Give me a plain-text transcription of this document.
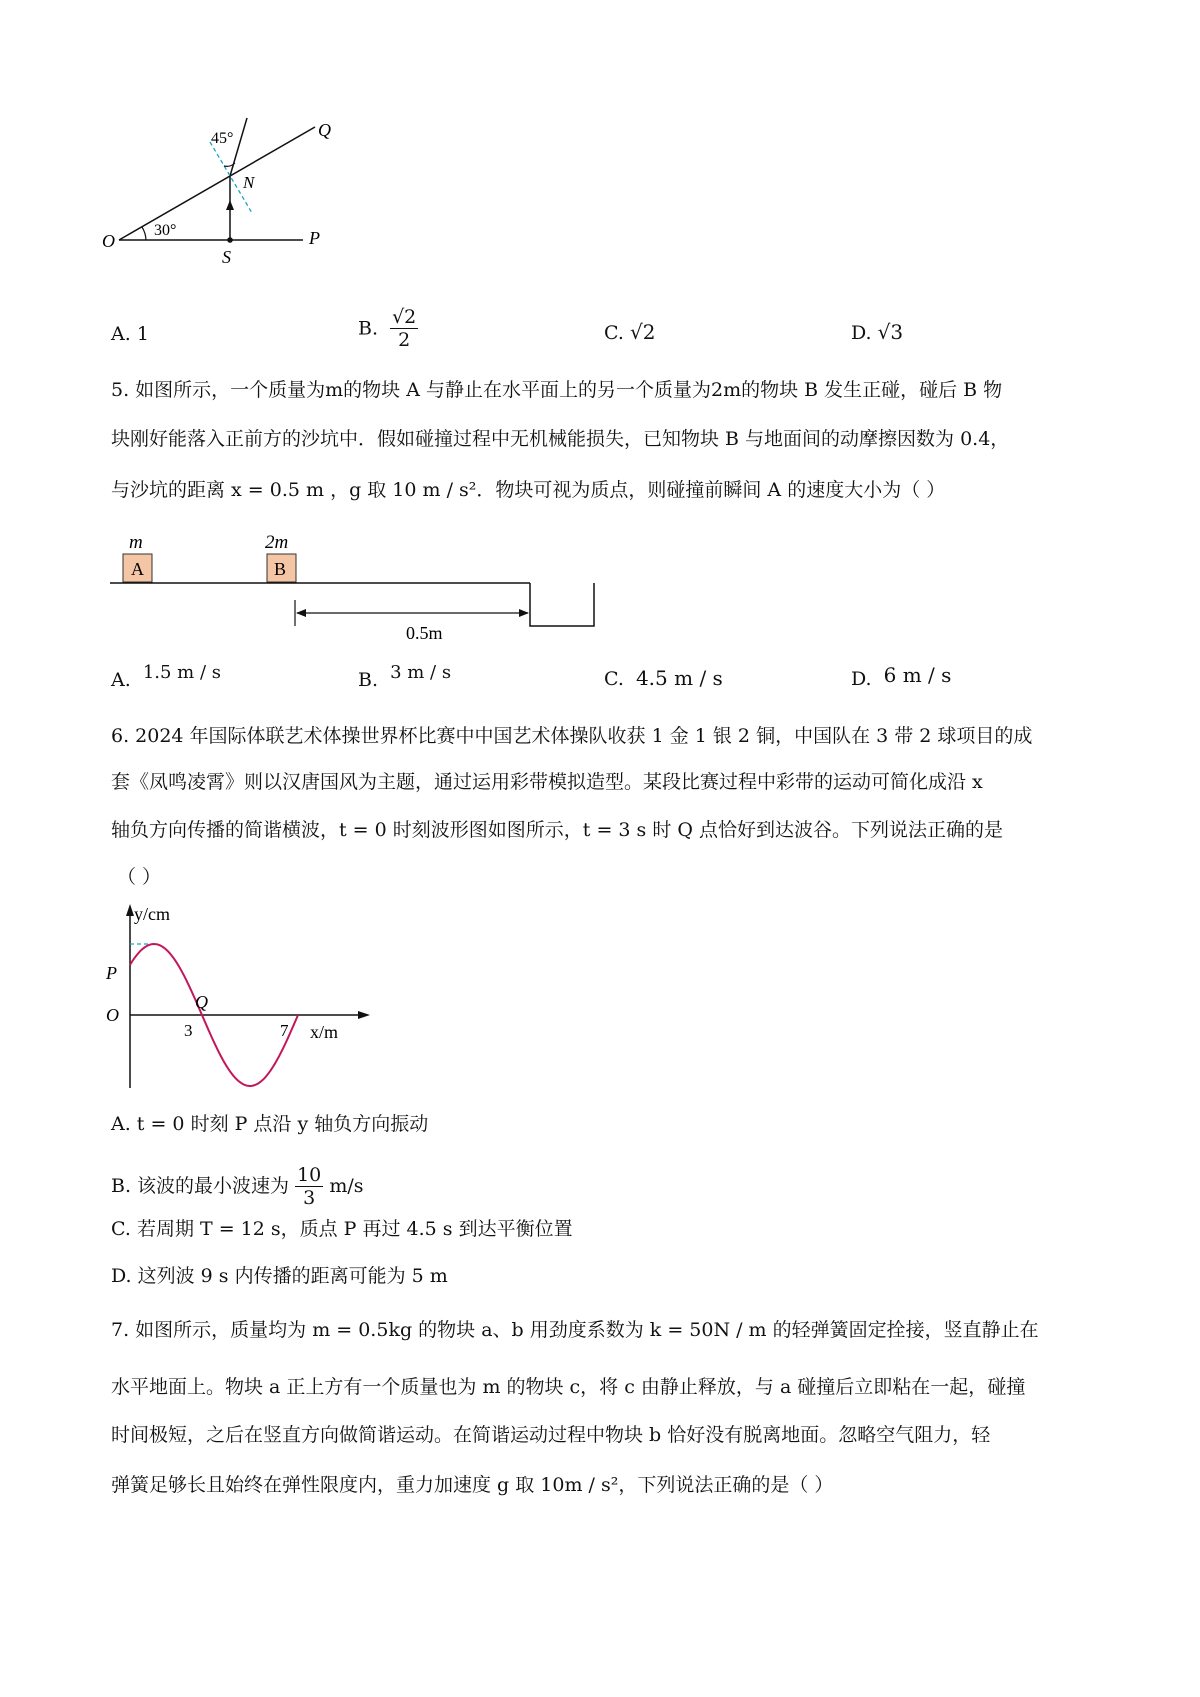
45°	Q
N
O
30°	P
S
A. 1	B. $\frac{√2}{2}$	C. √2	D. √3
5. 如图所示，一个质量为m的物块 A 与静止在水平面上的另一个质量为2m的物块 B 发生正碰，碰后 B 物
块刚好能落入正前方的沙坑中．假如碰撞过程中无机械能损失，已知物块 B 与地面间的动摩擦因数为 0.4，
与沙坑的距离 x = 0.5 m ，g 取 10 m / s²．物块可视为质点，则碰撞前瞬间 A 的速度大小为（ ）
m	2m
A	B
0.5m
A. 1.5 m / s	B. 3 m / s	C. 4.5 m / s	D. 6 m / s
6. 2024 年国际体联艺术体操世界杯比赛中中国艺术体操队收获 1 金 1 银 2 铜，中国队在 3 带 2 球项目的成
套《凤鸣凌霄》则以汉唐国风为主题，通过运用彩带模拟造型。某段比赛过程中彩带的运动可简化成沿 x
轴负方向传播的简谐横波，t = 0 时刻波形图如图所示，t = 3 s 时 Q 点恰好到达波谷。下列说法正确的是
（ ）
y/cm
P
O
Q
3	7 x/m
A. t = 0 时刻 P 点沿 y 轴负方向振动
B. 该波的最小波速为 $\frac{10}{3} m/s$
C. 若周期 T = 12 s，质点 P 再过 4.5 s 到达平衡位置
D. 这列波 9 s 内传播的距离可能为 5 m
7. 如图所示，质量均为 m = 0.5kg 的物块 a、b 用劲度系数为 k = 50N / m 的轻弹簧固定拴接，竖直静止在
水平地面上。物块 a 正上方有一个质量也为 m 的物块 c，将 c 由静止释放，与 a 碰撞后立即粘在一起，碰撞
时间极短，之后在竖直方向做简谐运动。在简谐运动过程中物块 b 恰好没有脱离地面。忽略空气阻力，轻
弹簧足够长且始终在弹性限度内，重力加速度 g 取 10m / s²，下列说法正确的是（ ）
